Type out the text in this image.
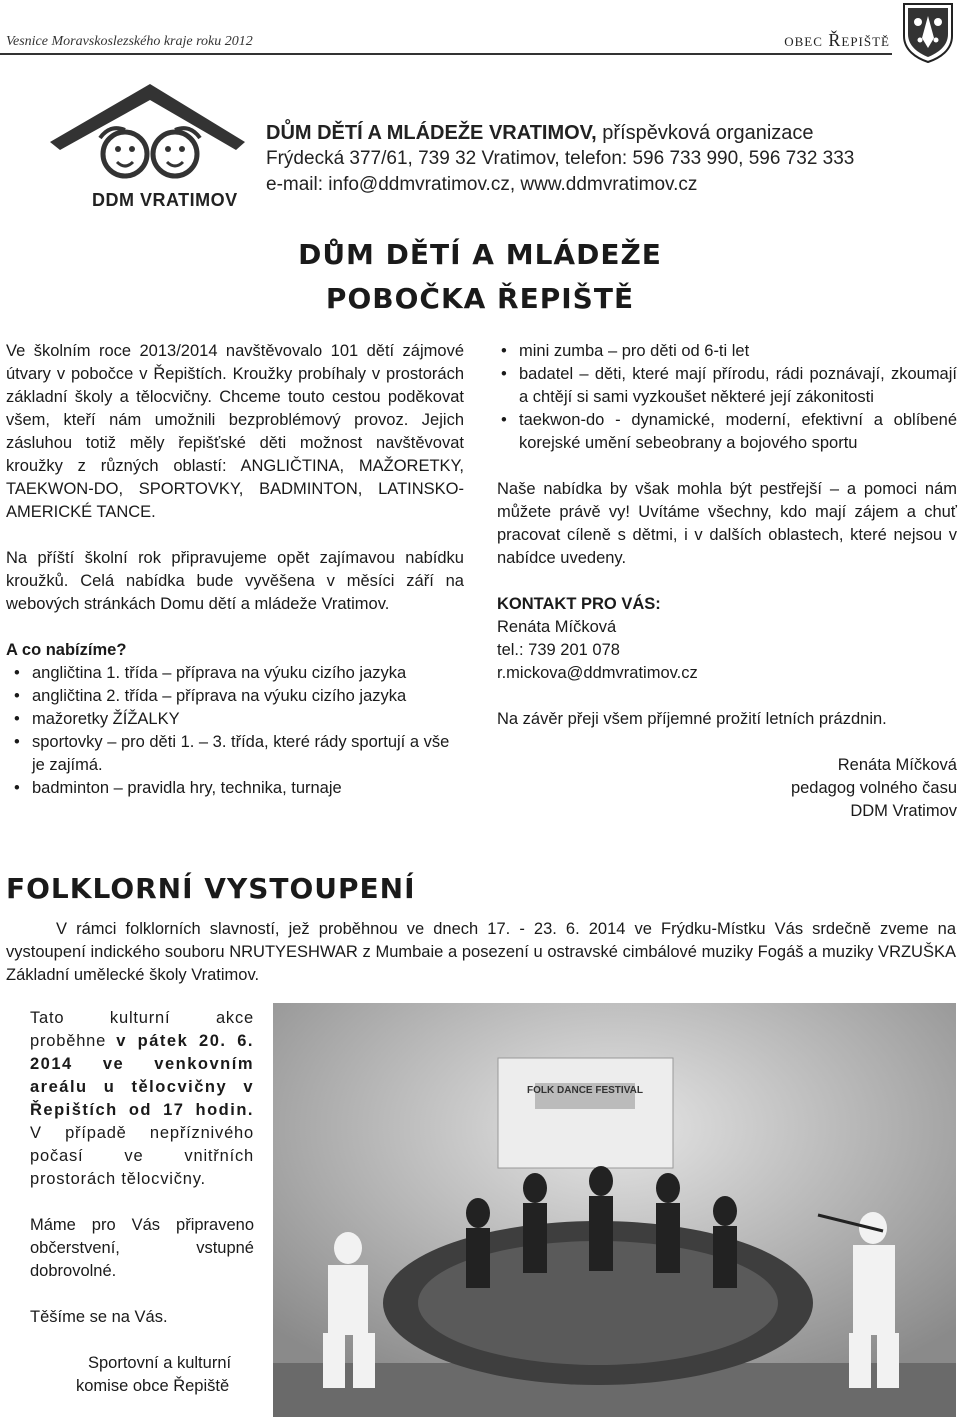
Vesnice Moravskoslezského kraje roku 2012	obec Řepiště
DDM VRATIMOV
DŮM DĚTÍ A MLÁDEŽE VRATIMOV, příspěvková organizace
Frýdecká 377/61, 739 32 Vratimov, telefon: 596 733 990, 596 732 333
e-mail: info@ddmvratimov.cz, www.ddmvratimov.cz
DŮM DĚTÍ A MLÁDEŽE
POBOČKA ŘEPIŠTĚ

Ve školním roce 2013/2014 navštěvovalo 101 dětí zájmové útvary v pobočce v Řepištích. Kroužky probíhaly v prostorách základní školy a tělocvičny. Chceme touto cestou poděkovat všem, kteří nám umožnili bezproblémový provoz. Jejich zásluhou totiž měly řepišťské děti možnost navštěvovat kroužky z různých oblastí: ANGLIČTINA, MAŽORETKY, TAEKWON-DO, SPORTOVKY, BADMINTON, LATINSKO-AMERICKÉ TANCE.

Na příští školní rok připravujeme opět zajímavou nabídku kroužků. Celá nabídka bude vyvěšena v měsíci září na webových stránkách Domu dětí a mládeže Vratimov.

A co nabízíme?

• angličtina 1. třída – příprava na výuku cizího jazyka
• angličtina 2. třída – příprava na výuku cizího jazyka
• mažoretky ŽÍŽALKY
• sportovky – pro děti 1. – 3. třída, které rády sportují a vše je zajímá.
• badminton – pravidla hry, technika, turnaje
• mini zumba – pro děti od 6-ti let
• badatel – děti, které mají přírodu, rádi poznávají, zkoumají a chtějí si sami vyzkoušet některé její zákonitosti
• taekwon-do - dynamické, moderní, efektivní a oblíbené korejské umění sebeobrany a bojového sportu

Naše nabídka by však mohla být pestřejší – a pomoci nám můžete právě vy! Uvítáme všechny, kdo mají zájem a chuť pracovat cíleně s dětmi, i v dalších oblastech, které nejsou v nabídce uvedeny.

KONTAKT PRO VÁS:

Renáta Míčková

tel.: 739 201 078

r.mickova@ddmvratimov.cz

Na závěr přeji všem příjemné prožití letních prázdnin.

Renáta Míčková

pedagog volného času

DDM Vratimov

FOLKLORNÍ VYSTOUPENÍ
V rámci folklorních slavností, jež proběhnou ve dnech 17. - 23. 6. 2014 ve Frýdku-Místku Vás srdečně zveme na vystoupení indického souboru NRUTYESHWAR z Mumbaie a posezení u ostravské cimbálové muziky Fogáš a muziky VRZUŠKA Základní umělecké školy Vratimov.

Tato kulturní akce proběhne v pátek 20. 6. 2014 ve venkovním areálu u tělocvičny v Řepištích od 17 hodin. V případě nepříznivého počasí ve vnitřních prostorách tělocvičny.

Máme pro Vás připraveno občerstvení, vstupné dobrovolné.

Těšíme se na Vás.

Sportovní a kulturní

komise obce Řepiště

FOLK DANCE FESTIVAL
